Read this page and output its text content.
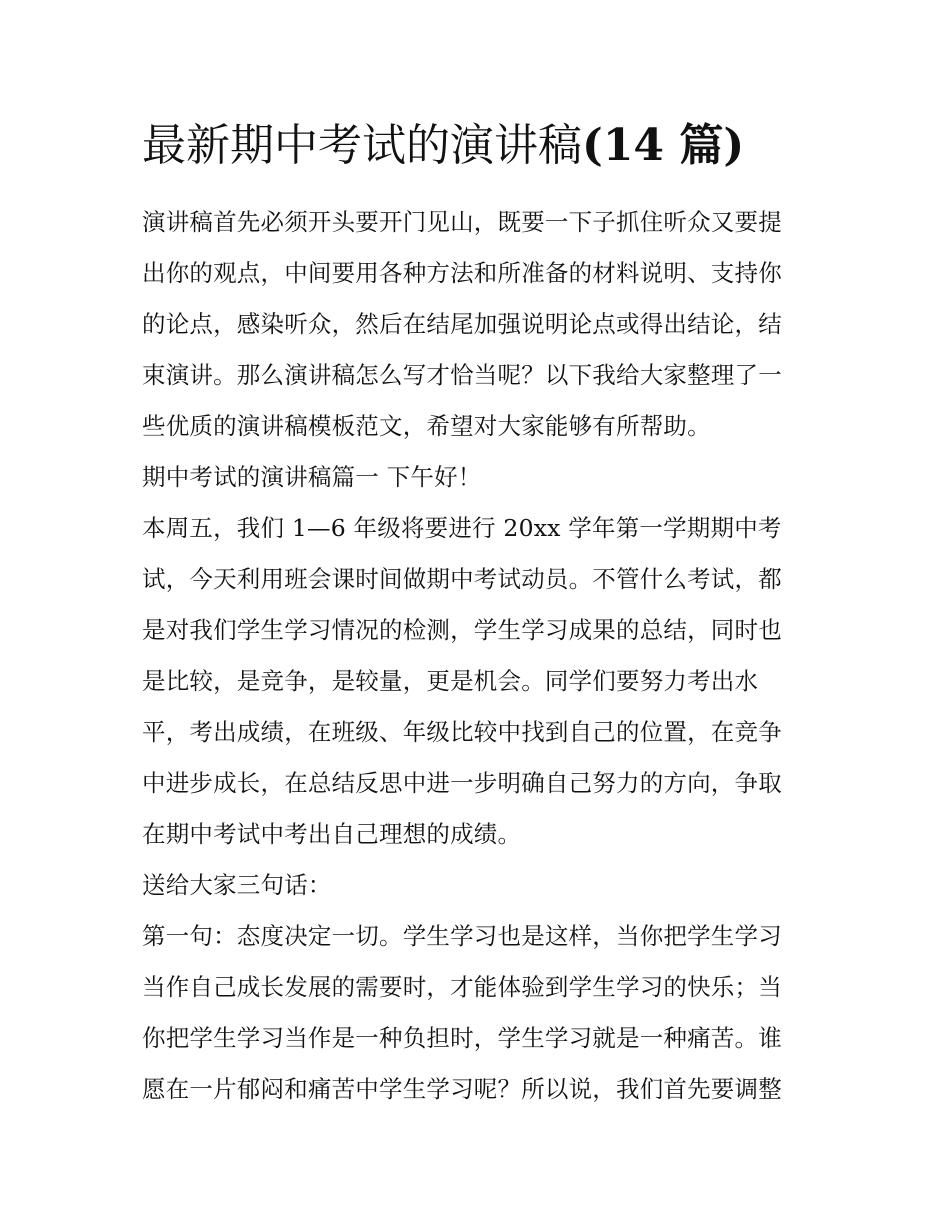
最新期中考试的演讲稿(14 篇)
演讲稿首先必须开头要开门见山，既要一下子抓住听众又要提
出你的观点，中间要用各种方法和所准备的材料说明、支持你
的论点，感染听众，然后在结尾加强说明论点或得出结论，结
束演讲。那么演讲稿怎么写才恰当呢？以下我给大家整理了一
些优质的演讲稿模板范文，希望对大家能够有所帮助。
期中考试的演讲稿篇一 下午好！
本周五，我们 1—6 年级将要进行 20xx 学年第一学期期中考
试，今天利用班会课时间做期中考试动员。不管什么考试，都
是对我们学生学习情况的检测，学生学习成果的总结，同时也
是比较，是竞争，是较量，更是机会。同学们要努力考出水
平，考出成绩，在班级、年级比较中找到自己的位置，在竞争
中进步成长，在总结反思中进一步明确自己努力的方向，争取
在期中考试中考出自己理想的成绩。
送给大家三句话：
第一句：态度决定一切。学生学习也是这样，当你把学生学习
当作自己成长发展的需要时，才能体验到学生学习的快乐；当
你把学生学习当作是一种负担时，学生学习就是一种痛苦。谁
愿在一片郁闷和痛苦中学生学习呢？所以说，我们首先要调整
